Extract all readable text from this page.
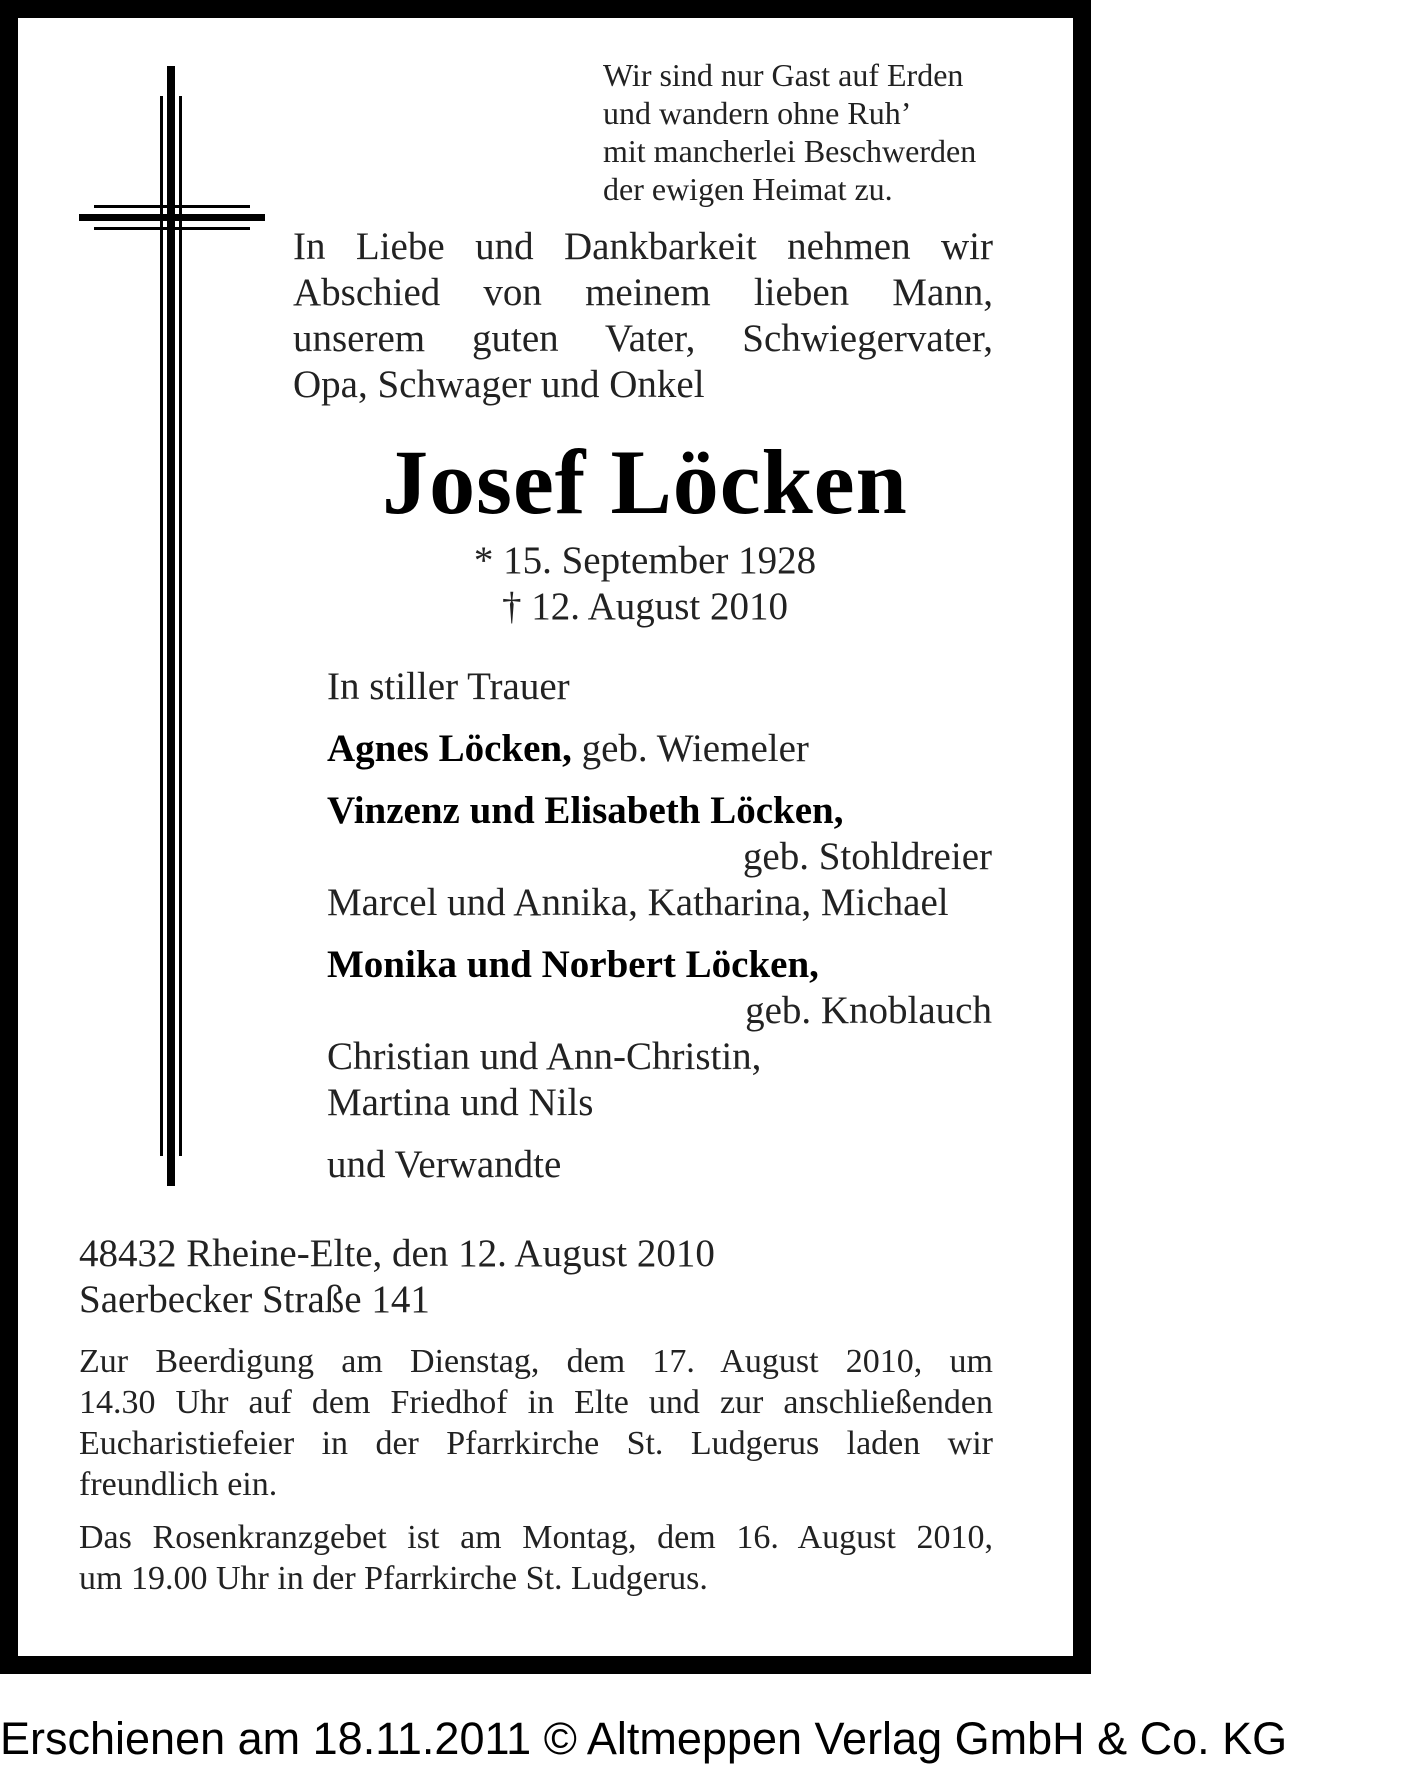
Wir sind nur Gast auf Erden
und wandern ohne Ruh’
mit mancherlei Beschwerden
der ewigen Heimat zu.
In Liebe und Dankbarkeit nehmen wir
Abschied von meinem lieben Mann,
unserem guten Vater, Schwiegervater,
Opa, Schwager und Onkel
Josef Löcken
* 15. September 1928
† 12. August 2010
In stiller Trauer
Agnes Löcken, geb. Wiemeler
Vinzenz und Elisabeth Löcken,
geb. Stohldreier
Marcel und Annika, Katharina, Michael
Monika und Norbert Löcken,
geb. Knoblauch
Christian und Ann-Christin,
Martina und Nils
und Verwandte
48432 Rheine-Elte, den 12. August 2010
Saerbecker Straße 141
Zur Beerdigung am Dienstag, dem 17. August 2010, um
14.30 Uhr auf dem Friedhof in Elte und zur anschließenden
Eucharistiefeier in der Pfarrkirche St. Ludgerus laden wir
freundlich ein.
Das Rosenkranzgebet ist am Montag, dem 16. August 2010,
um 19.00 Uhr in der Pfarrkirche St. Ludgerus.
Erschienen am 18.11.2011 © Altmeppen Verlag GmbH & Co. KG
